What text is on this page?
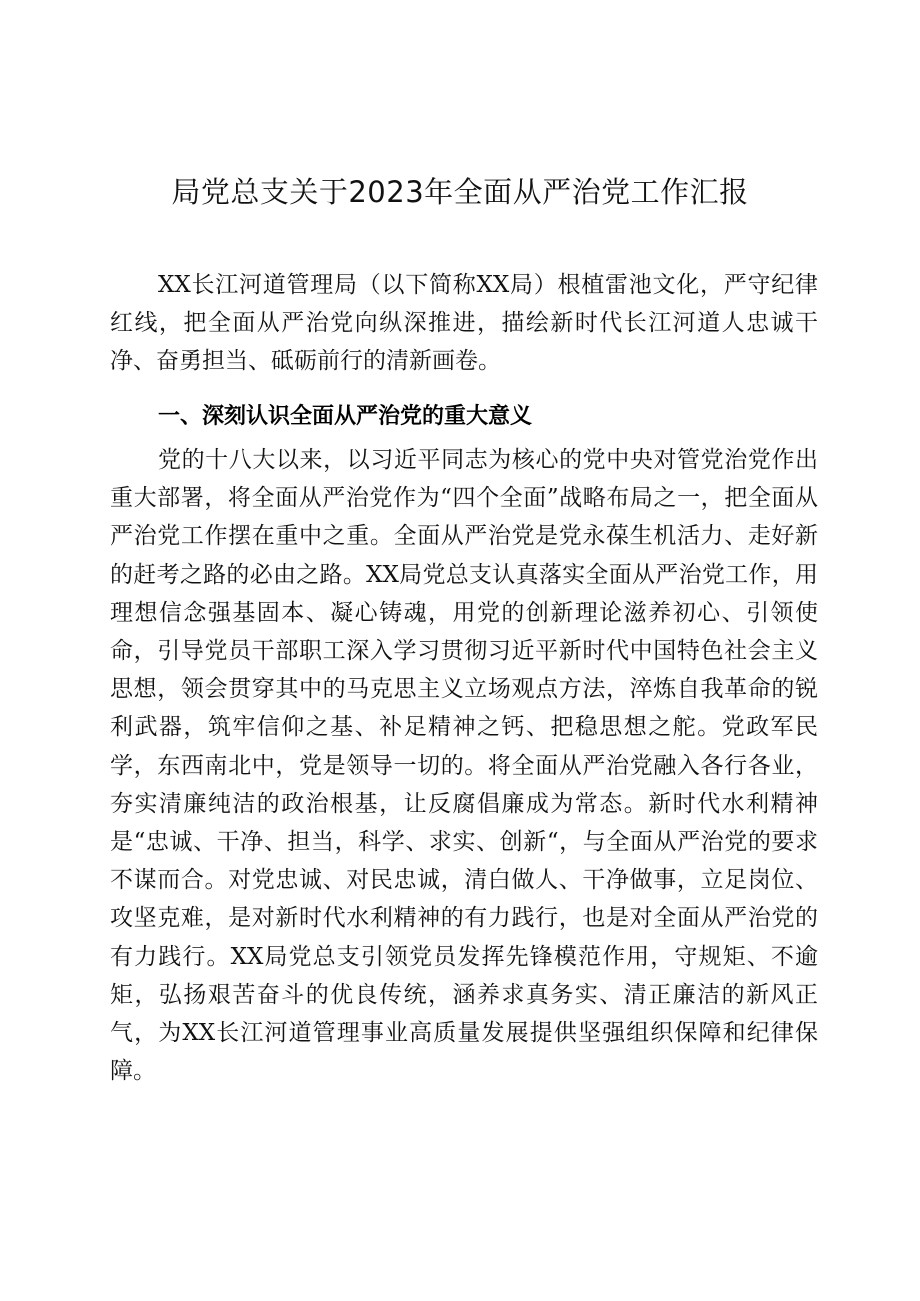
局党总支关于2023年全面从严治党工作汇报

XX长江河道管理局（以下简称XX局）根植雷池文化，严守纪律红线，把全面从严治党向纵深推进，描绘新时代长江河道人忠诚干净、奋勇担当、砥砺前行的清新画卷。

一、深刻认识全面从严治党的重大意义

党的十八大以来，以习近平同志为核心的党中央对管党治党作出重大部署，将全面从严治党作为“四个全面”战略布局之一，把全面从严治党工作摆在重中之重。全面从严治党是党永葆生机活力、走好新的赶考之路的必由之路。XX局党总支认真落实全面从严治党工作，用理想信念强基固本、凝心铸魂，用党的创新理论滋养初心、引领使命，引导党员干部职工深入学习贯彻习近平新时代中国特色社会主义思想，领会贯穿其中的马克思主义立场观点方法，淬炼自我革命的锐利武器，筑牢信仰之基、补足精神之钙、把稳思想之舵。党政军民学，东西南北中，党是领导一切的。将全面从严治党融入各行各业，夯实清廉纯洁的政治根基，让反腐倡廉成为常态。新时代水利精神是“忠诚、干净、担当，科学、求实、创新“，与全面从严治党的要求不谋而合。对党忠诚、对民忠诚，清白做人、干净做事，立足岗位、攻坚克难，是对新时代水利精神的有力践行，也是对全面从严治党的有力践行。XX局党总支引领党员发挥先锋模范作用，守规矩、不逾矩，弘扬艰苦奋斗的优良传统，涵养求真务实、清正廉洁的新风正气，为XX长江河道管理事业高质量发展提供坚强组织保障和纪律保障。
